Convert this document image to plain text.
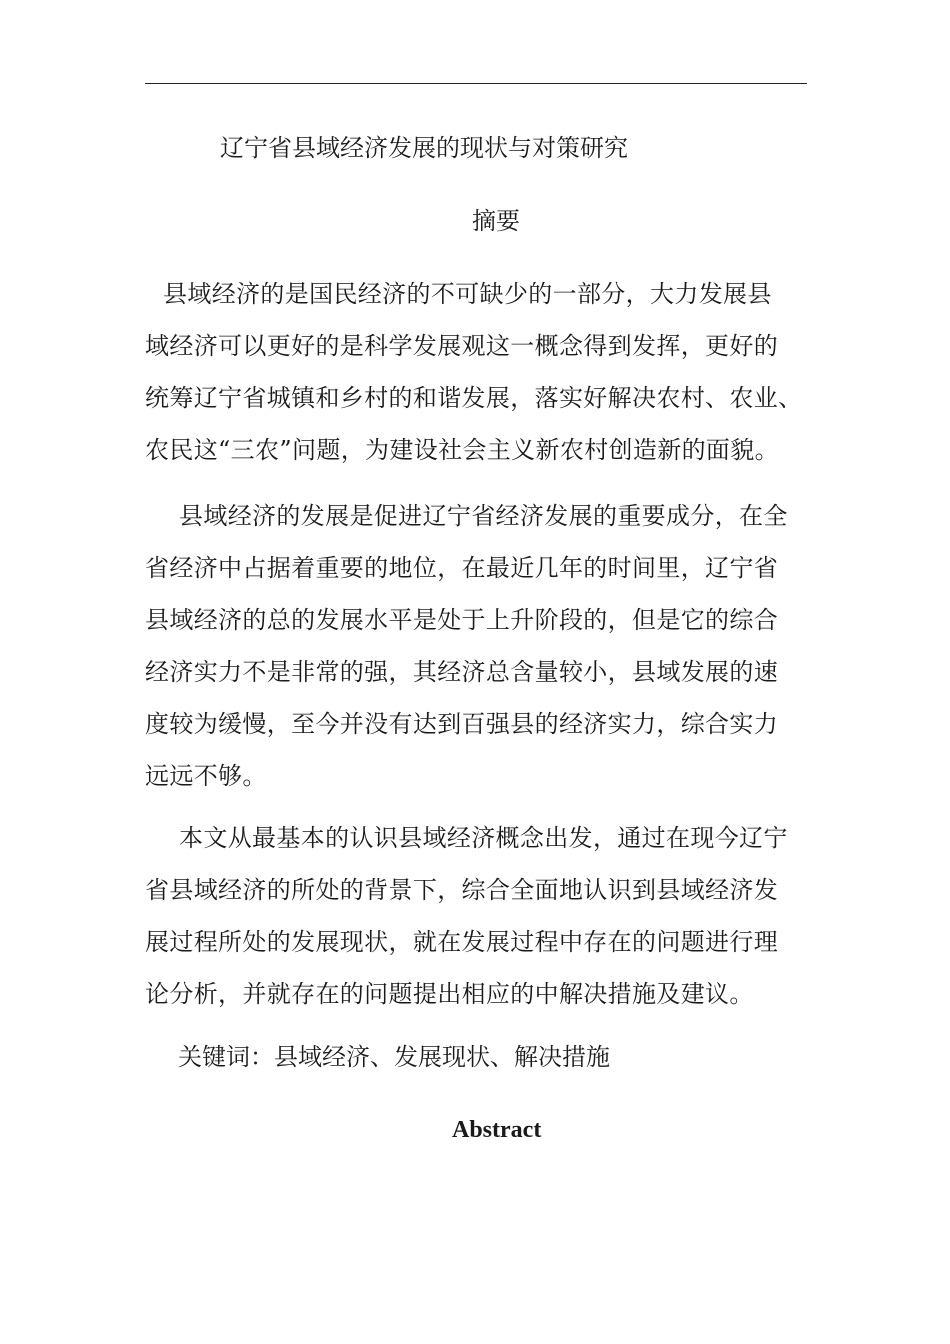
辽宁省县域经济发展的现状与对策研究
摘要
县域经济的是国民经济的不可缺少的一部分，大力发展县
域经济可以更好的是科学发展观这一概念得到发挥，更好的
统筹辽宁省城镇和乡村的和谐发展，落实好解决农村、农业、
农民这“三农”问题，为建设社会主义新农村创造新的面貌。
县域经济的发展是促进辽宁省经济发展的重要成分，在全
省经济中占据着重要的地位，在最近几年的时间里，辽宁省
县域经济的总的发展水平是处于上升阶段的，但是它的综合
经济实力不是非常的强，其经济总含量较小，县域发展的速
度较为缓慢，至今并没有达到百强县的经济实力，综合实力
远远不够。
本文从最基本的认识县域经济概念出发，通过在现今辽宁
省县域经济的所处的背景下，综合全面地认识到县域经济发
展过程所处的发展现状，就在发展过程中存在的问题进行理
论分析，并就存在的问题提出相应的中解决措施及建议。
关键词：县域经济、发展现状、解决措施
Abstract
